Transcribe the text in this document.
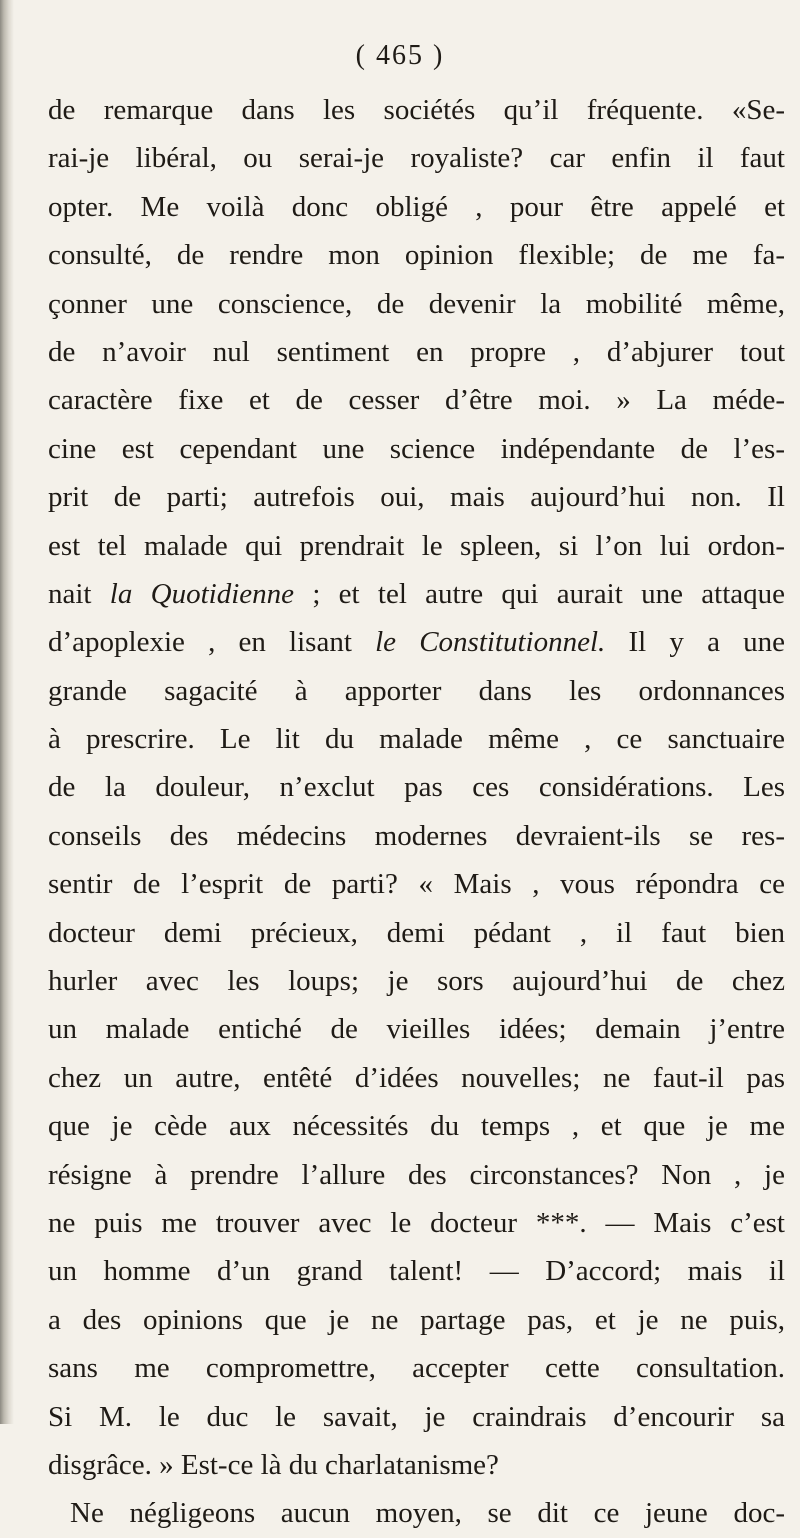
( 465 )
de remarque dans les sociétés qu’il fréquente. «Se-
rai-je libéral, ou serai-je royaliste? car enfin il faut
opter. Me voilà donc obligé , pour être appelé et
consulté, de rendre mon opinion flexible; de me fa-
çonner une conscience, de devenir la mobilité même,
de n’avoir nul sentiment en propre , d’abjurer tout
caractère fixe et de cesser d’être moi. » La méde-
cine est cependant une science indépendante de l’es-
prit de parti; autrefois oui, mais aujourd’hui non. Il
est tel malade qui prendrait le spleen, si l’on lui ordon-
nait la Quotidienne ; et tel autre qui aurait une attaque
d’apoplexie , en lisant le Constitutionnel. Il y a une
grande sagacité à apporter dans les ordonnances
à prescrire. Le lit du malade même , ce sanctuaire
de la douleur, n’exclut pas ces considérations. Les
conseils des médecins modernes devraient-ils se res-
sentir de l’esprit de parti? « Mais , vous répondra ce
docteur demi précieux, demi pédant , il faut bien
hurler avec les loups; je sors aujourd’hui de chez
un malade entiché de vieilles idées; demain j’entre
chez un autre, entêté d’idées nouvelles; ne faut-il pas
que je cède aux nécessités du temps , et que je me
résigne à prendre l’allure des circonstances? Non , je
ne puis me trouver avec le docteur ***. — Mais c’est
un homme d’un grand talent! — D’accord; mais il
a des opinions que je ne partage pas, et je ne puis,
sans me compromettre, accepter cette consultation.
Si M. le duc le savait, je craindrais d’encourir sa
disgrâce. » Est-ce là du charlatanisme?
Ne négligeons aucun moyen, se dit ce jeune doc-
